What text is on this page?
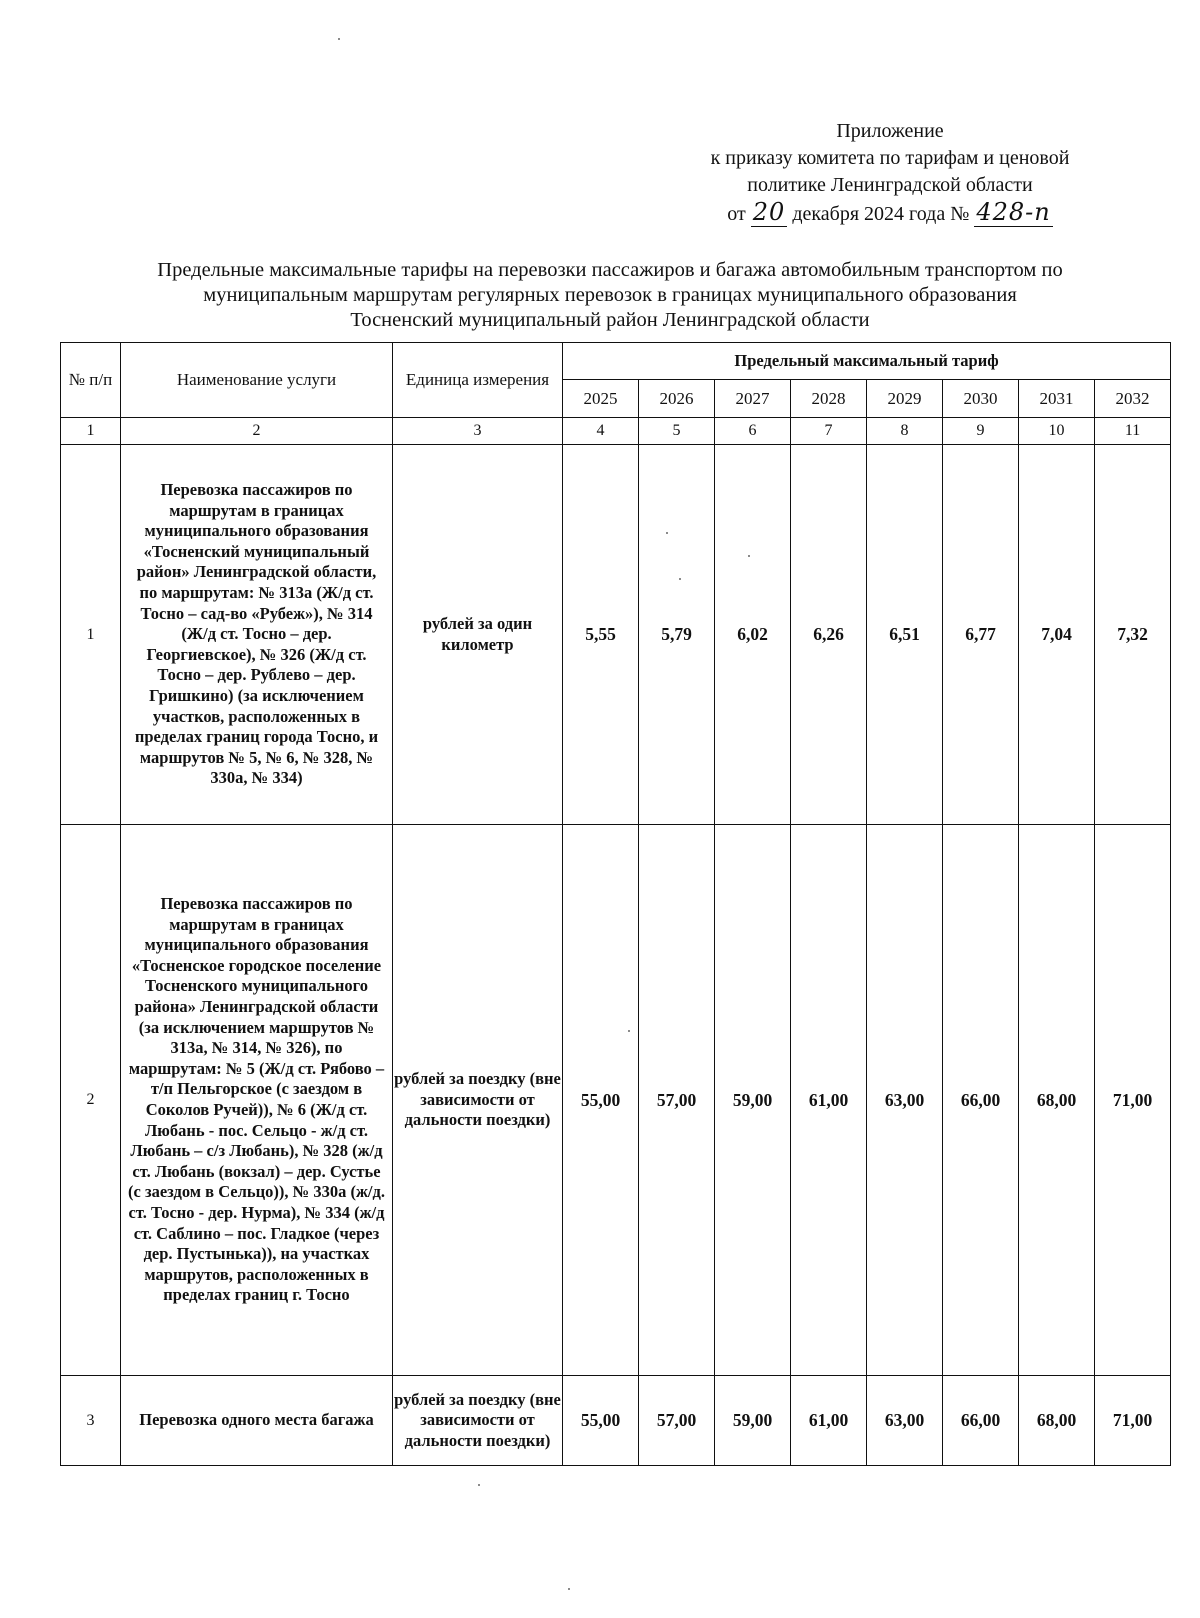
Приложение
к приказу комитета по тарифам и ценовой
политике Ленинградской области
от 20 декабря 2024 года № 428-п
Предельные максимальные тарифы на перевозки пассажиров и багажа автомобильным транспортом по
муниципальным маршрутам регулярных перевозок в границах муниципального образования
Тосненский муниципальный район Ленинградской области
№ п/п	Наименование услуги	Единица измерения	Предельный максимальный тариф							
			2025	2026	2027	2028	2029	2030	2031	2032
1	2	3	4	5	6	7	8	9	10	11
1	Перевозка пассажиров по маршрутам в границах муниципального образования «Тосненский муниципальный район» Ленинградской области, по маршрутам: № 313а (Ж/д ст. Тосно – сад-во «Рубеж»), № 314 (Ж/д ст. Тосно – дер. Георгиевское), № 326 (Ж/д ст. Тосно – дер. Рублево – дер. Гришкино) (за исключением участков, расположенных в пределах границ города Тосно, и маршрутов № 5, № 6, № 328, № 330а, № 334)	рублей за один километр	5,55	5,79	6,02	6,26	6,51	6,77	7,04	7,32
2	Перевозка пассажиров по маршрутам в границах муниципального образования «Тосненское городское поселение Тосненского муниципального района» Ленинградской области (за исключением маршрутов № 313а, № 314, № 326), по маршрутам: № 5 (Ж/д ст. Рябово – т/п Пельгорское (с заездом в Соколов Ручей)), № 6 (Ж/д ст. Любань - пос. Сельцо - ж/д ст. Любань – с/з Любань), № 328 (ж/д ст. Любань (вокзал) – дер. Сустье (с заездом в Сельцо)), № 330а (ж/д. ст. Тосно - дер. Нурма), № 334 (ж/д ст. Саблино – пос. Гладкое (через дер. Пустынька)), на участках маршрутов, расположенных в пределах границ г. Тосно	рублей за поездку (вне зависимости от дальности поездки)	55,00	57,00	59,00	61,00	63,00	66,00	68,00	71,00
3	Перевозка одного места багажа	рублей за поездку (вне зависимости от дальности поездки)	55,00	57,00	59,00	61,00	63,00	66,00	68,00	71,00
